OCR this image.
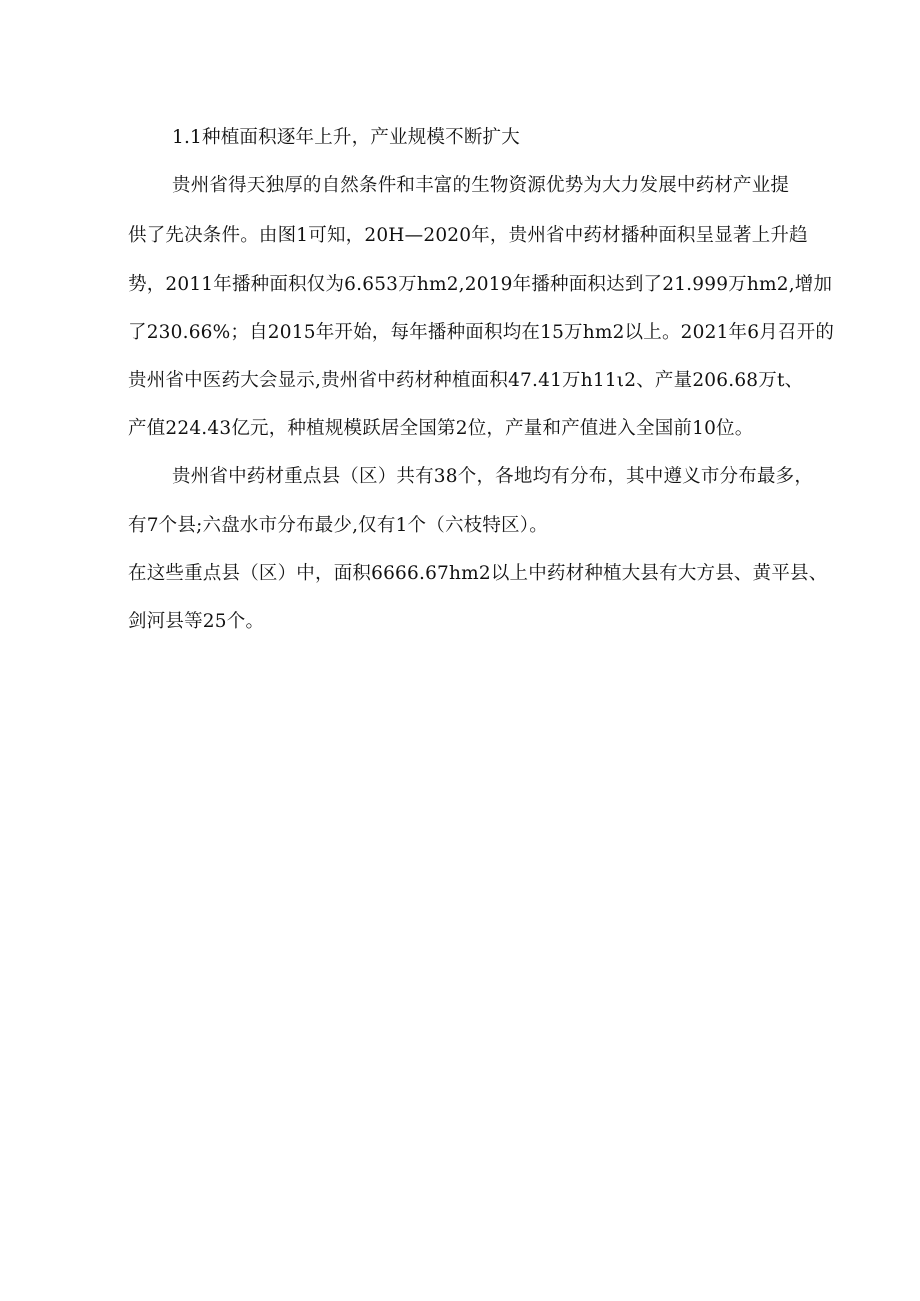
1.1种植面积逐年上升，产业规模不断扩大
贵州省得天独厚的自然条件和丰富的生物资源优势为大力发展中药材产业提
供了先决条件。由图1可知，20H—2020年，贵州省中药材播种面积呈显著上升趋
势，2011年播种面积仅为6.653万hm2,2019年播种面积达到了21.999万hm2,增加
了230.66%；自2015年开始，每年播种面积均在15万hm2以上。2021年6月召开的
贵州省中医药大会显示,贵州省中药材种植面积47.41万h11ι2、产量206.68万t、
产值224.43亿元，种植规模跃居全国第2位，产量和产值进入全国前10位。
贵州省中药材重点县（区）共有38个，各地均有分布，其中遵义市分布最多，
有7个县;六盘水市分布最少,仅有1个（六枝特区）。
在这些重点县（区）中，面积6666.67hm2以上中药材种植大县有大方县、黄平县、
剑河县等25个。
